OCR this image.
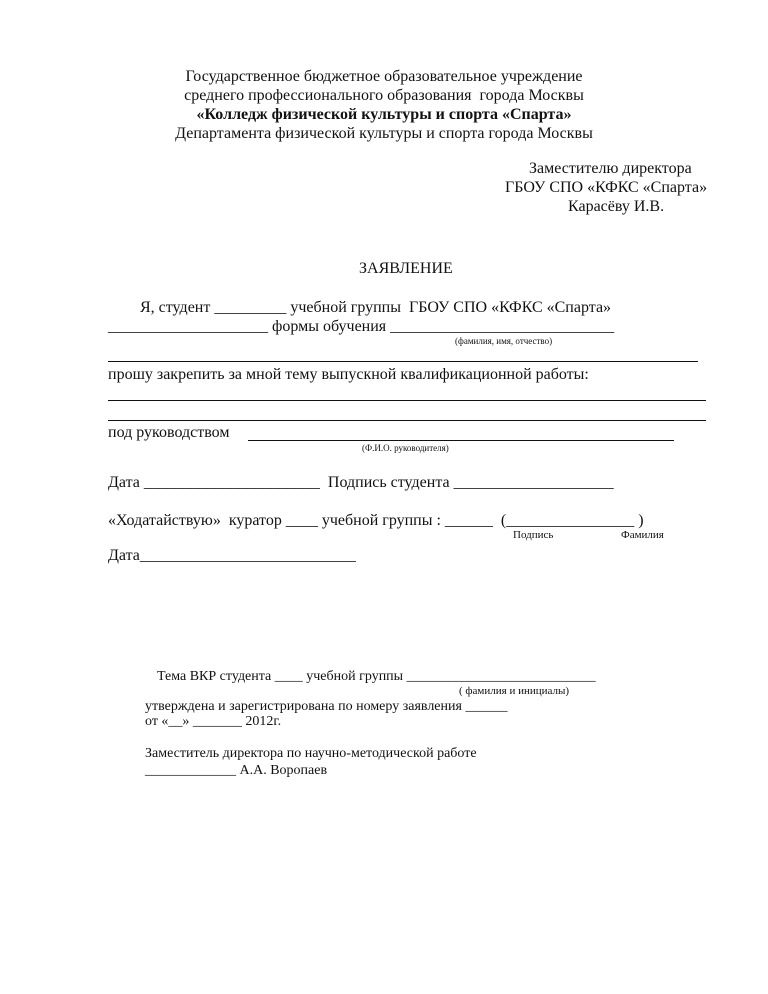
Государственное бюджетное образовательное учреждение
среднего профессионального образования  города Москвы
«Колледж физической культуры и спорта «Спарта»
Департамента физической культуры и спорта города Москвы
Заместителю директора
ГБОУ СПО «КФКС «Спарта»
Карасёву И.В.
ЗАЯВЛЕНИЕ
Я, студент _________ учебной группы  ГБОУ СПО «КФКС «Спарта»
____________________ формы обучения ____________________________
(фамилия, имя, отчество)
прошу закрепить за мной тему выпускной квалификационной работы:
под руководством
(Ф.И.О. руководителя)
Дата ______________________  Подпись студента ____________________
«Ходатайствую»  куратор ____ учебной группы : ______  (________________ )
Подпись	Фамилия
Дата___________________________
Тема ВКР студента ____ учебной группы ___________________________
( фамилия и инициалы)
утверждена и зарегистрирована по номеру заявления ______
от «__» _______ 2012г.
Заместитель директора по научно-методической работе
_____________ А.А. Воропаев
